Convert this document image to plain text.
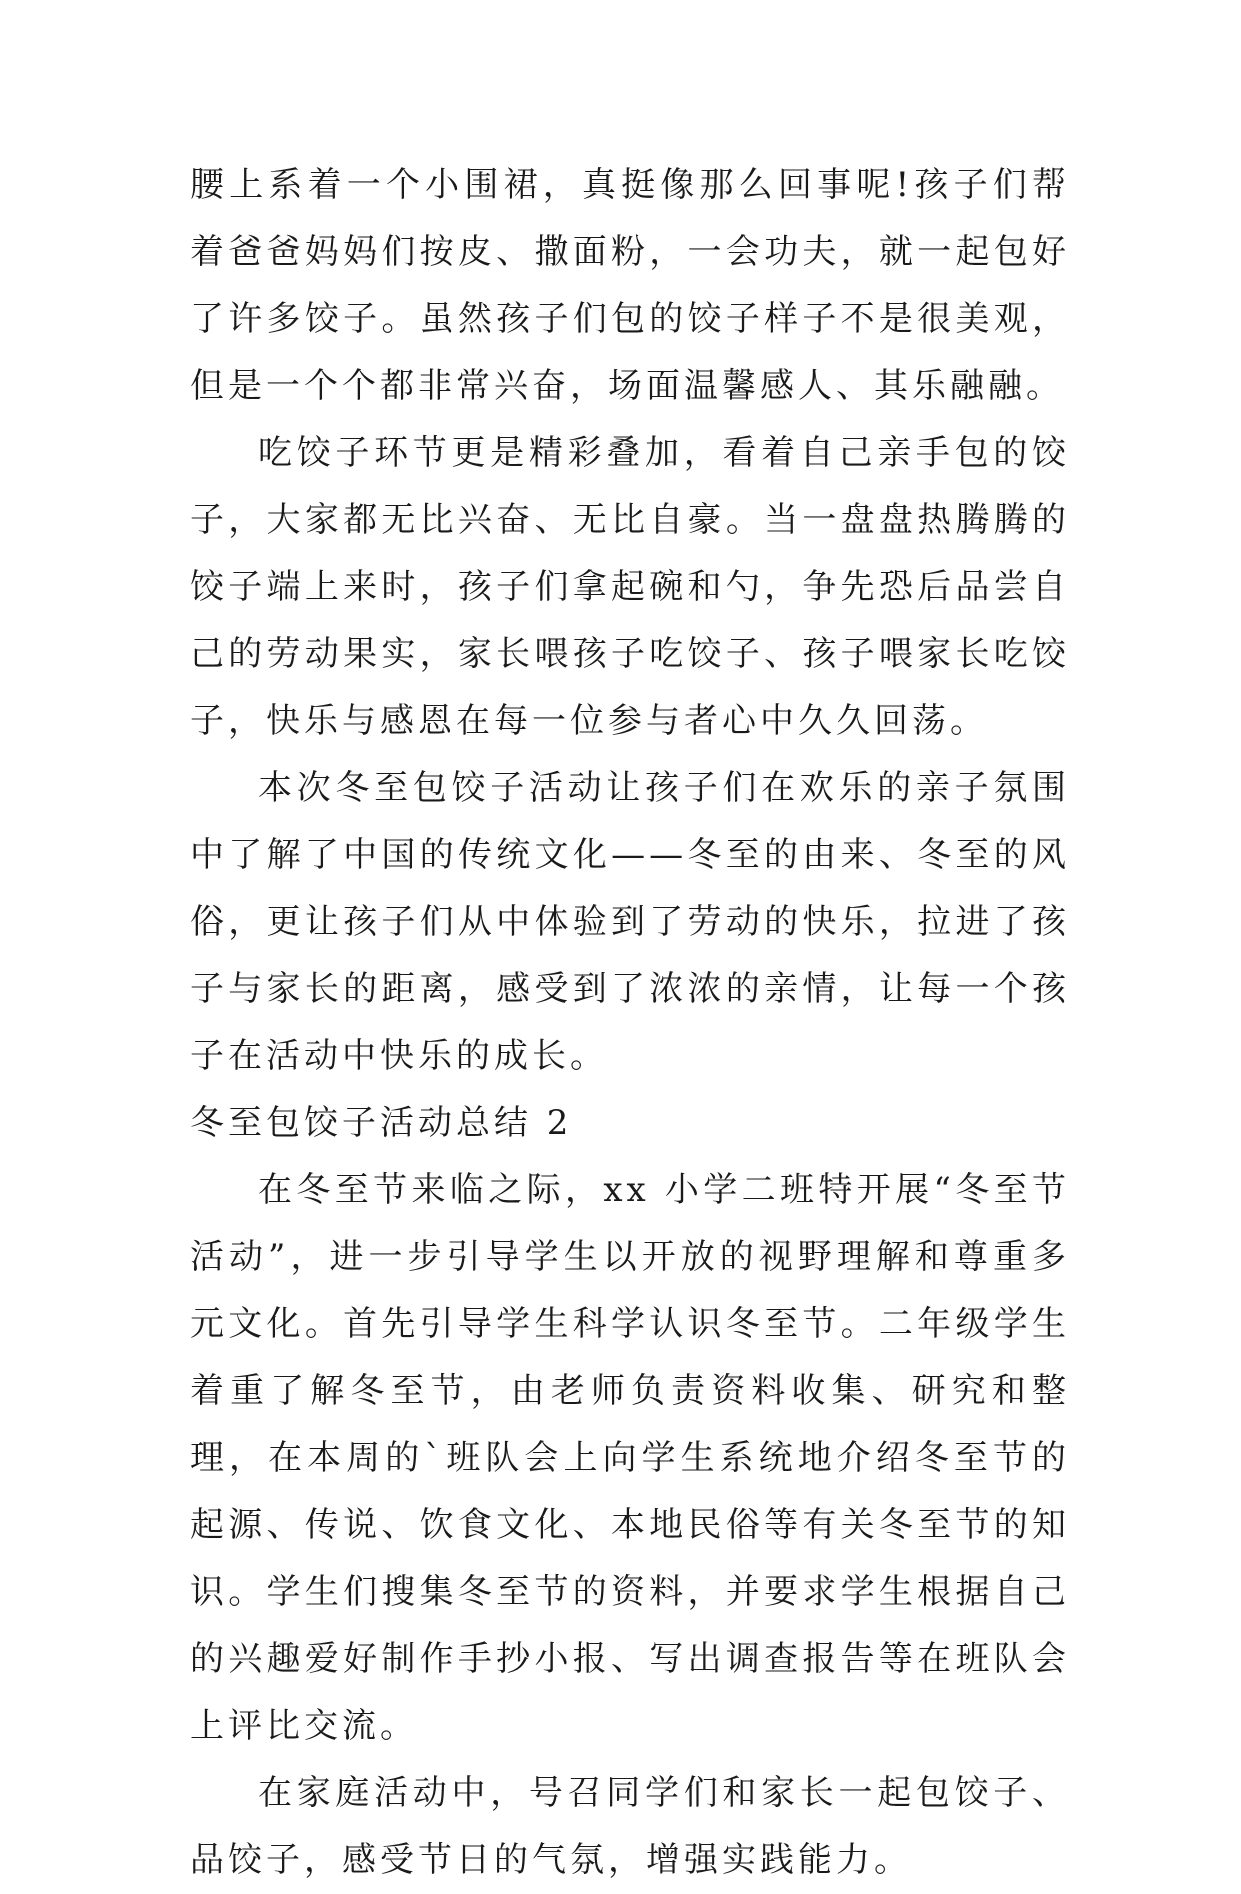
腰上系着一个小围裙，真挺像那么回事呢!孩子们帮着爸爸妈妈们按皮、撒面粉，一会功夫，就一起包好了许多饺子。虽然孩子们包的饺子样子不是很美观，但是一个个都非常兴奋，场面温馨感人、其乐融融。

吃饺子环节更是精彩叠加，看着自己亲手包的饺子，大家都无比兴奋、无比自豪。当一盘盘热腾腾的饺子端上来时，孩子们拿起碗和勺，争先恐后品尝自己的劳动果实，家长喂孩子吃饺子、孩子喂家长吃饺子，快乐与感恩在每一位参与者心中久久回荡。

本次冬至包饺子活动让孩子们在欢乐的亲子氛围中了解了中国的传统文化——冬至的由来、冬至的风俗，更让孩子们从中体验到了劳动的快乐，拉进了孩子与家长的距离，感受到了浓浓的亲情，让每一个孩子在活动中快乐的成长。

冬至包饺子活动总结 2

在冬至节来临之际，xx 小学二班特开展“冬至节活动”，进一步引导学生以开放的视野理解和尊重多元文化。首先引导学生科学认识冬至节。二年级学生着重了解冬至节，由老师负责资料收集、研究和整理，在本周的`班队会上向学生系统地介绍冬至节的起源、传说、饮食文化、本地民俗等有关冬至节的知识。学生们搜集冬至节的资料，并要求学生根据自己的兴趣爱好制作手抄小报、写出调查报告等在班队会上评比交流。

在家庭活动中，号召同学们和家长一起包饺子、品饺子，感受节日的气氛，增强实践能力。
